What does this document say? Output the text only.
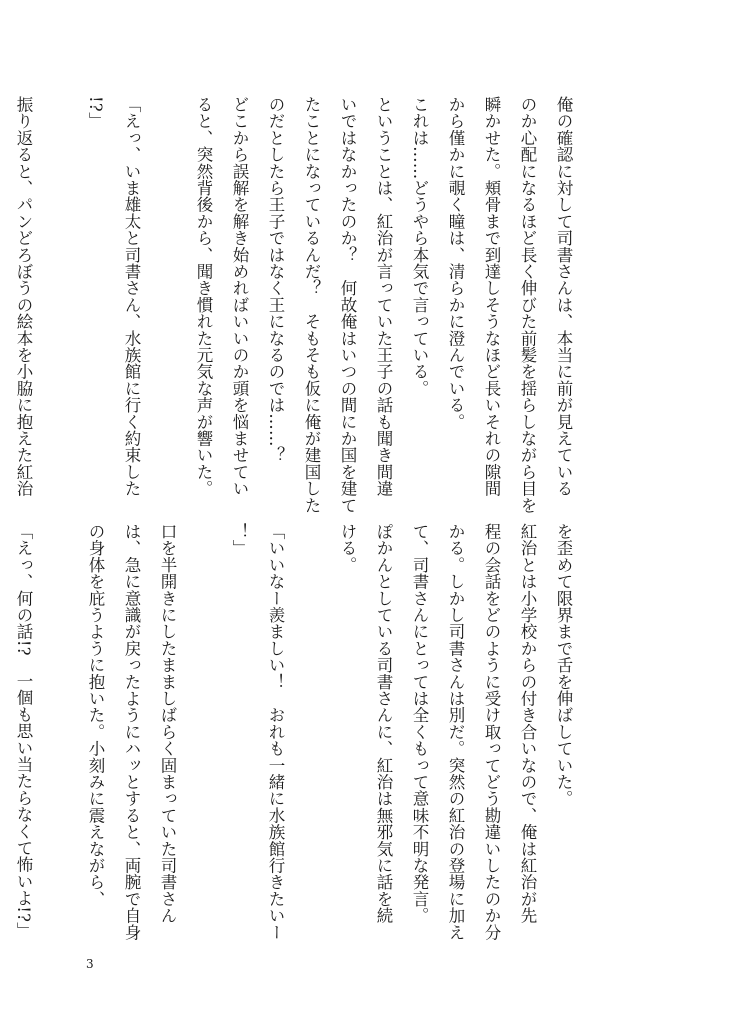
俺の確認に対して司書さんは、本当に前が見えている
のか心配になるほど長く伸びた前髪を揺らしながら目を
瞬かせた。頬骨まで到達しそうなほど長いそれの隙間
から僅かに覗く瞳は、清らかに澄んでいる。
これは……どうやら本気で言っている。
ということは、紅治が言っていた王子の話も聞き間違
いではなかったのか？　何故俺はいつの間にか国を建て
たことになっているんだ？　そもそも仮に俺が建国した
のだとしたら王子ではなく王になるのでは……？
どこから誤解を解き始めればいいのか頭を悩ませてい
ると、突然背後から、聞き慣れた元気な声が響いた。

「えっ、いま雄太と司書さん、水族館に行く約束した
!?」

振り返ると、パンどろぼうの絵本を小脇に抱えた紅治

を歪めて限界まで舌を伸ばしていた。
紅治とは小学校からの付き合いなので、俺は紅治が先
程の会話をどのように受け取ってどう勘違いしたのか分
かる。しかし司書さんは別だ。突然の紅治の登場に加え
て、司書さんにとっては全くもって意味不明な発言。
ぽかんとしている司書さんに、紅治は無邪気に話を続
ける。

「いいなー羨ましい！　おれも一緒に水族館行きたいー
！」

口を半開きにしたまましばらく固まっていた司書さん
は、急に意識が戻ったようにハッとすると、両腕で自身
の身体を庇うように抱いた。小刻みに震えながら、

「えっ、何の話!?　一個も思い当たらなくて怖いよ!?」

3
